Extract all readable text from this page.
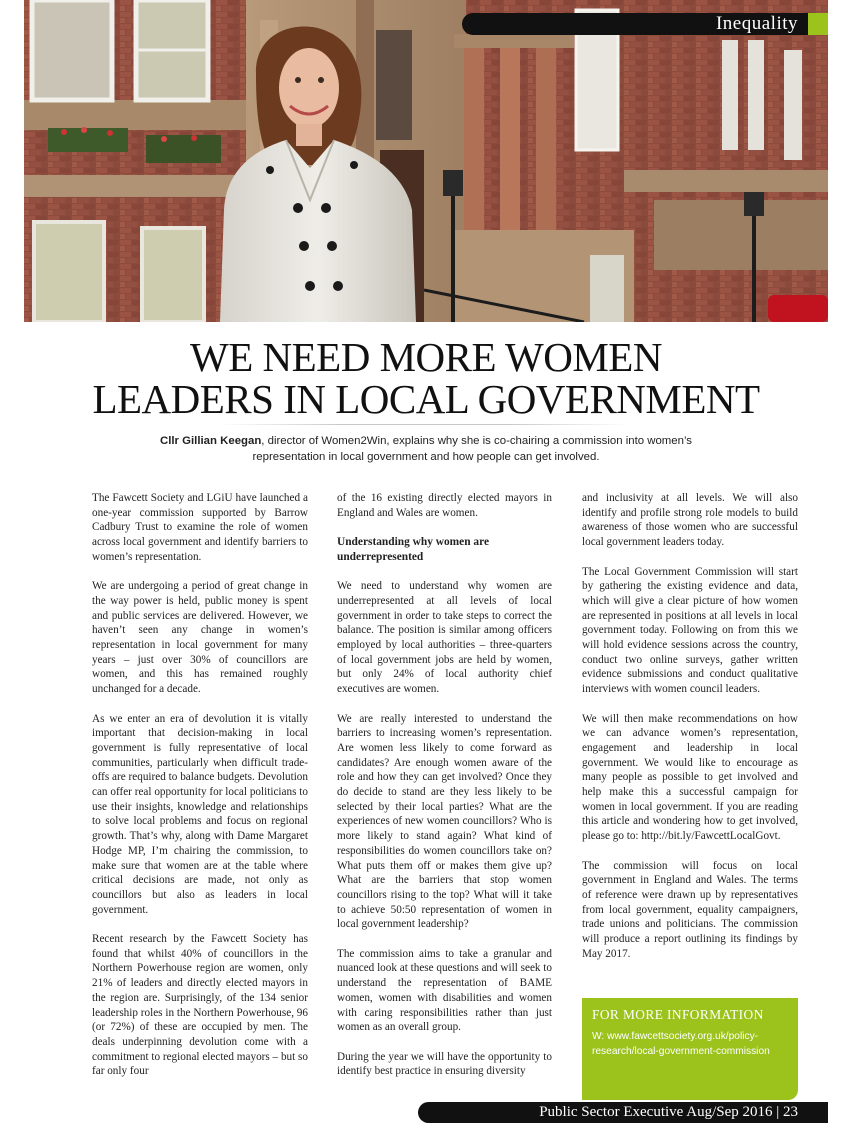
Inequality
WE NEED MORE WOMEN
LEADERS IN LOCAL GOVERNMENT

Cllr Gillian Keegan, director of Women2Win, explains why she is co-chairing a commission into women’s representation in local government and how people can get involved.

The Fawcett Society and LGiU have launched a one-year commission supported by Barrow Cadbury Trust to examine the role of women across local government and identify barriers to women’s representation.

We are undergoing a period of great change in the way power is held, public money is spent and public services are delivered. However, we haven’t seen any change in women’s representation in local government for many years – just over 30% of councillors are women, and this has remained roughly unchanged for a decade.

As we enter an era of devolution it is vitally important that decision-making in local government is fully representative of local communities, particularly when difficult trade-offs are required to balance budgets. Devolution can offer real opportunity for local politicians to use their insights, knowledge and relationships to solve local problems and focus on regional growth. That’s why, along with Dame Margaret Hodge MP, I’m chairing the commission, to make sure that women are at the table where critical decisions are made, not only as councillors but also as leaders in local government.

Recent research by the Fawcett Society has found that whilst 40% of councillors in the Northern Powerhouse region are women, only 21% of leaders and directly elected mayors in the region are. Surprisingly, of the 134 senior leadership roles in the Northern Powerhouse, 96 (or 72%) of these are occupied by men. The deals underpinning devolution come with a commitment to regional elected mayors – but so far only four

of the 16 existing directly elected mayors in England and Wales are women.

Understanding why women are underrepresented

We need to understand why women are underrepresented at all levels of local government in order to take steps to correct the balance. The position is similar among officers employed by local authorities – three-quarters of local government jobs are held by women, but only 24% of local authority chief executives are women.

We are really interested to understand the barriers to increasing women’s representation. Are women less likely to come forward as candidates? Are enough women aware of the role and how they can get involved? Once they do decide to stand are they less likely to be selected by their local parties? What are the experiences of new women councillors? Who is more likely to stand again? What kind of responsibilities do women councillors take on? What puts them off or makes them give up? What are the barriers that stop women councillors rising to the top? What will it take to achieve 50:50 representation of women in local government leadership?

The commission aims to take a granular and nuanced look at these questions and will seek to understand the representation of BAME women, women with disabilities and women with caring responsibilities rather than just women as an overall group.

During the year we will have the opportunity to identify best practice in ensuring diversity

and inclusivity at all levels. We will also identify and profile strong role models to build awareness of those women who are successful local government leaders today.

The Local Government Commission will start by gathering the existing evidence and data, which will give a clear picture of how women are represented in positions at all levels in local government today. Following on from this we will hold evidence sessions across the country, conduct two online surveys, gather written evidence submissions and conduct qualitative interviews with women council leaders.

We will then make recommendations on how we can advance women’s representation, engagement and leadership in local government. We would like to encourage as many people as possible to get involved and help make this a successful campaign for women in local government. If you are reading this article and wondering how to get involved, please go to: http://bit.ly/FawcettLocalGovt.

The commission will focus on local government in England and Wales. The terms of reference were drawn up by representatives from local government, equality campaigners, trade unions and politicians. The commission will produce a report outlining its findings by May 2017.

FOR MORE INFORMATION
W: www.fawcettsociety.org.uk/policy-research/local-government-commission
Public Sector Executive Aug/Sep 2016 | 23
